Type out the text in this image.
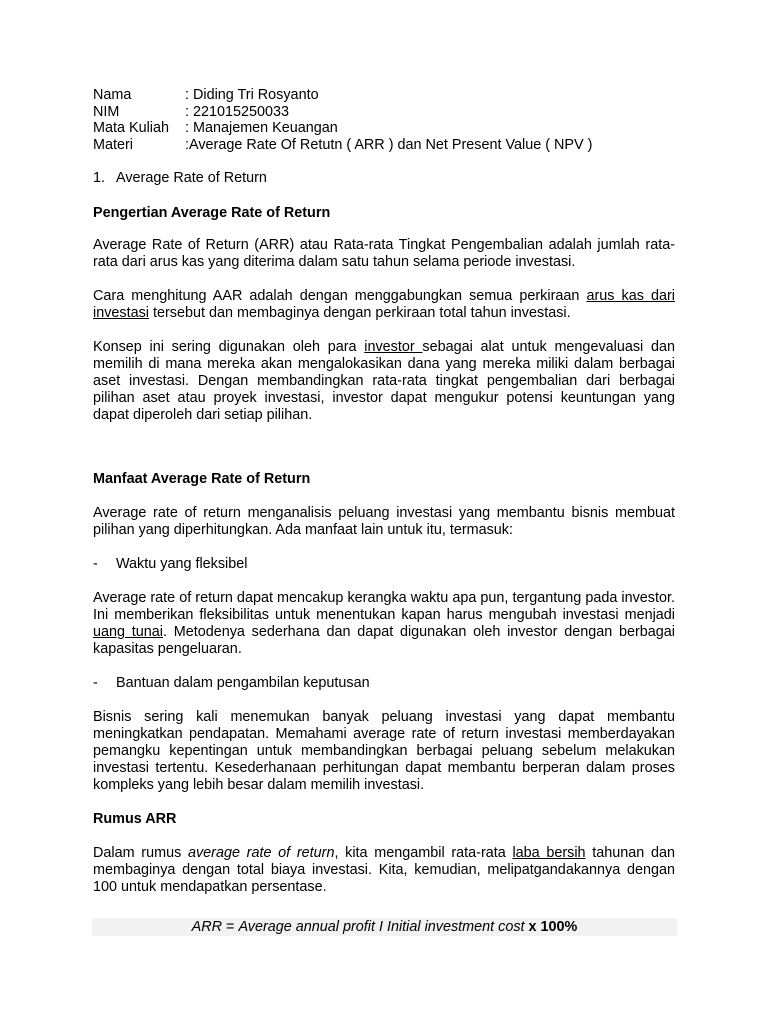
Nama	: Diding Tri Rosyanto
NIM	: 221015250033
Mata Kuliah	: Manajemen Keuangan
Materi	:Average Rate Of Retutn ( ARR ) dan Net Present Value ( NPV )
1. Average Rate of Return

Pengertian Average Rate of Return

Average Rate of Return (ARR) atau Rata-rata Tingkat Pengembalian adalah jumlah rata-rata dari arus kas yang diterima dalam satu tahun selama periode investasi.

Cara menghitung AAR adalah dengan menggabungkan semua perkiraan arus kas dari investasi tersebut dan membaginya dengan perkiraan total tahun investasi.

Konsep ini sering digunakan oleh para investor sebagai alat untuk mengevaluasi dan memilih di mana mereka akan mengalokasikan dana yang mereka miliki dalam berbagai aset investasi. Dengan membandingkan rata-rata tingkat pengembalian dari berbagai pilihan aset atau proyek investasi, investor dapat mengukur potensi keuntungan yang dapat diperoleh dari setiap pilihan.

Manfaat Average Rate of Return

Average rate of return menganalisis peluang investasi yang membantu bisnis membuat pilihan yang diperhitungkan. Ada manfaat lain untuk itu, termasuk:

-	Waktu yang fleksibel

Average rate of return dapat mencakup kerangka waktu apa pun, tergantung pada investor. Ini memberikan fleksibilitas untuk menentukan kapan harus mengubah investasi menjadi uang tunai. Metodenya sederhana dan dapat digunakan oleh investor dengan berbagai kapasitas pengeluaran.

-	Bantuan dalam pengambilan keputusan

Bisnis sering kali menemukan banyak peluang investasi yang dapat membantu meningkatkan pendapatan. Memahami average rate of return investasi memberdayakan pemangku kepentingan untuk membandingkan berbagai peluang sebelum melakukan investasi tertentu. Kesederhanaan perhitungan dapat membantu berperan dalam proses kompleks yang lebih besar dalam memilih investasi.

Rumus ARR

Dalam rumus average rate of return, kita mengambil rata-rata laba bersih tahunan dan membaginya dengan total biaya investasi. Kita, kemudian, melipatgandakannya dengan 100 untuk mendapatkan persentase.

ARR = Average annual profit I Initial investment cost x 100%
